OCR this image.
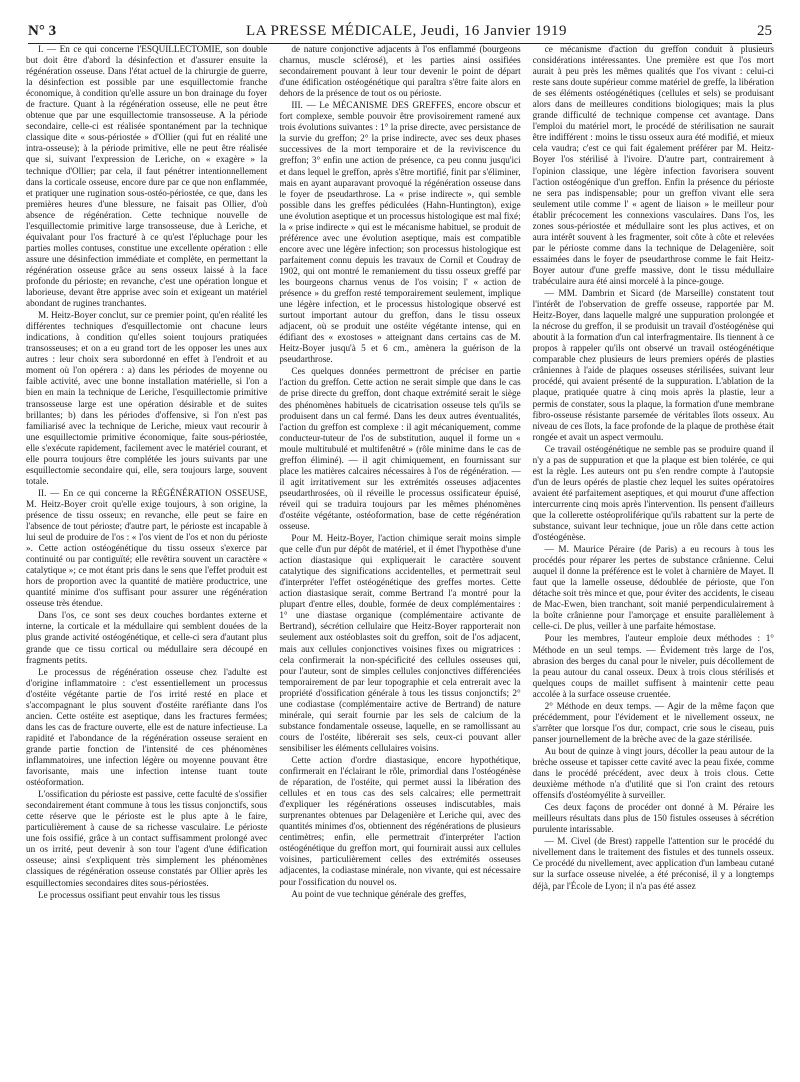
N° 3	LA PRESSE MÉDICALE, Jeudi, 16 Janvier 1919	25

I. — En ce qui concerne l'ESQUILLECTOMIE, son double but doit être d'abord la désinfection et d'assurer ensuite la régénération osseuse. Dans l'état actuel de la chirurgie de guerre, la désinfection est possible par une esquillectomie franche économique, à condition qu'elle assure un bon drainage du foyer de fracture. Quant à la régénération osseuse, elle ne peut être obtenue que par une esquillectomie transosseuse. A la période secondaire, celle-ci est réalisée spontanément par la technique classique dite « sous-périostée » d'Ollier (qui fut en réalité une intra-osseuse); à la période primitive, elle ne peut être réalisée que si, suivant l'expression de Leriche, on « exagère » la technique d'Ollier; par cela, il faut pénétrer intentionnellement dans la corticale osseuse, encore dure par ce que non enflammée, et pratiquer une rugination sous-ostéo-périostée, ce que, dans les premières heures d'une blessure, ne faisait pas Ollier, d'où absence de régénération. Cette technique nouvelle de l'esquillectomie primitive large transosseuse, due à Leriche, et équivalant pour l'os fracturé à ce qu'est l'épluchage pour les parties molles contuses, constitue une excellente opération : elle assure une désinfection immédiate et complète, en permettant la régénération osseuse grâce au sens osseux laissé à la face profonde du périoste; en revanche, c'est une opération longue et laborieuse, devant être apprise avec soin et exigeant un matériel abondant de rugines tranchantes.

M. Heitz-Boyer conclut, sur ce premier point, qu'en réalité les différentes techniques d'esquillectomie ont chacune leurs indications, à condition qu'elles soient toujours pratiquées transosseuses; et on a eu grand tort de les opposer les unes aux autres : leur choix sera subordonné en effet à l'endroit et au moment où l'on opérera : a) dans les périodes de moyenne ou faible activité, avec une bonne installation matérielle, si l'on a bien en main la technique de Leriche, l'esquillectomie primitive transosseuse large est une opération désirable et de suites brillantes; b) dans les périodes d'offensive, si l'on n'est pas familiarisé avec la technique de Leriche, mieux vaut recourir à une esquillectomie primitive économique, faite sous-périostée, elle s'exécute rapidement, facilement avec le matériel courant, et elle pourra toujours être complétée les jours suivants par une esquillectomie secondaire qui, elle, sera toujours large, souvent totale.

II. — En ce qui concerne la RÉGÉNÉRATION OSSEUSE, M. Heitz-Boyer croit qu'elle exige toujours, à son origine, la présence de tissu osseux; en revanche, elle peut se faire en l'absence de tout périoste; d'autre part, le périoste est incapable à lui seul de produire de l'os : « l'os vient de l'os et non du périoste ». Cette action ostéogénétique du tissu osseux s'exerce par continuité ou par contiguïté; elle revêtira souvent un caractère « catalytique »; ce mot étant pris dans le sens que l'effet produit est hors de proportion avec la quantité de matière productrice, une quantité minime d'os suffisant pour assurer une régénération osseuse très étendue.

Dans l'os, ce sont ses deux couches bordantes externe et interne, la corticale et la médullaire qui semblent douées de la plus grande activité ostéogénétique, et celle-ci sera d'autant plus grande que ce tissu cortical ou médullaire sera découpé en fragments petits.

Le processus de régénération osseuse chez l'adulte est d'origine inflammatoire : c'est essentiellement un processus d'ostéite végétante partie de l'os irrité resté en place et s'accompagnant le plus souvent d'ostéite raréfiante dans l'os ancien. Cette ostéite est aseptique, dans les fractures fermées; dans les cas de fracture ouverte, elle est de nature infectieuse. La rapidité et l'abondance de la régénération osseuse seraient en grande partie fonction de l'intensité de ces phénomènes inflammatoires, une infection légère ou moyenne pouvant être favorisante, mais une infection intense tuant toute ostéoformation.

L'ossification du périoste est passive, cette faculté de s'ossifier secondairement étant commune à tous les tissus conjonctifs, sous cette réserve que le périoste est le plus apte à le faire, particulièrement à cause de sa richesse vasculaire. Le périoste une fois ossifié, grâce à un contact suffisamment prolongé avec un os irrité, peut devenir à son tour l'agent d'une édification osseuse; ainsi s'expliquent très simplement les phénomènes classiques de régénération osseuse constatés par Ollier après les esquillectomies secondaires dites sous-périostées.

Le processus ossifiant peut envahir tous les tissus

de nature conjonctive adjacents à l'os enflammé (bourgeons charnus, muscle sclérosé), et les parties ainsi ossifiées secondairement pouvant à leur tour devenir le point de départ d'une édification ostéogénétique qui paraîtra s'être faite alors en dehors de la présence de tout os ou périoste.

III. — Le MÉCANISME DES GREFFES, encore obscur et fort complexe, semble pouvoir être provisoirement ramené aux trois évolutions suivantes : 1° la prise directe, avec persistance de la survie du greffon; 2° la prise indirecte, avec ses deux phases successives de la mort temporaire et de la reviviscence du greffon; 3° enfin une action de présence, ca peu connu jusqu'ici et dans lequel le greffon, après s'être mortifié, finit par s'éliminer, mais en ayant auparavant provoqué la régénération osseuse dans le foyer de pseudarthrose. La « prise indirecte », qui semble possible dans les greffes pédiculées (Hahn-Huntington), exige une évolution aseptique et un processus histologique est mal fixé; la « prise indirecte » qui est le mécanisme habituel, se produit de préférence avec une évolution aseptique, mais est compatible encore avec une légère infection; son processus histologique est parfaitement connu depuis les travaux de Cornil et Coudray de 1902, qui ont montré le remaniement du tissu osseux greffé par les bourgeons charnus venus de l'os voisin; l' « action de présence » du greffon resté temporairement seulement, implique une légère infection, et le processus histologique observé est surtout important autour du greffon, dans le tissu osseux adjacent, où se produit une ostéite végétante intense, qui en édifiant des « exostoses » atteignant dans certains cas de M. Heitz-Boyer jusqu'à 5 et 6 cm., amènera la guérison de la pseudarthrose.

Ces quelques données permettront de préciser en partie l'action du greffon. Cette action ne serait simple que dans le cas de prise directe du greffon, dont chaque extrémité serait le siège des phénomènes habituels de cicatrisation osseuse tels qu'ils se produisent dans un cal fermé. Dans les deux autres éventualités, l'action du greffon est complexe : il agit mécaniquement, comme conducteur-tuteur de l'os de substitution, auquel il forme un « moule multitubulé et multifenêtré » (rôle minime dans le cas de greffon éliminé). — il agit chimiquement, en fournissant sur place les matières calcaires nécessaires à l'os de régénération. — il agit irritativement sur les extrémités osseuses adjacentes pseudarthrosées, où il réveille le processus ossificateur épuisé, réveil qui se traduira toujours par les mêmes phénomènes d'ostéite végétante, ostéoformation, base de cette régénération osseuse.

Pour M. Heitz-Boyer, l'action chimique serait moins simple que celle d'un pur dépôt de matériel, et il émet l'hypothèse d'une action diastasique qui expliquerait le caractère souvent catalytique des significations accidentelles, et permettrait seul d'interpréter l'effet ostéogénétique des greffes mortes. Cette action diastasique serait, comme Bertrand l'a montré pour la plupart d'entre elles, double, formée de deux complémentaires : 1° une diastase organique (complémentaire activante de Bertrand), sécrétion cellulaire que Heitz-Boyer rapporterait non seulement aux ostéoblastes soit du greffon, soit de l'os adjacent, mais aux cellules conjonctives voisines fixes ou migratrices : cela confirmerait la non-spécificité des cellules osseuses qui, pour l'auteur, sont de simples cellules conjonctives différenciées temporairement de par leur topographie et cela entrerait avec la propriété d'ossification générale à tous les tissus conjonctifs; 2° une codiastase (complémentaire active de Bertrand) de nature minérale, qui serait fournie par les sels de calcium de la substance fondamentale osseuse, laquelle, en se ramollissant au cours de l'ostéite, libérerait ses sels, ceux-ci pouvant aller sensibiliser les éléments cellulaires voisins.

Cette action d'ordre diastasique, encore hypothétique, confirmerait en l'éclairant le rôle, primordial dans l'ostéogénèse de réparation, de l'ostéite, qui permet aussi la libération des cellules et en tous cas des sels calcaires; elle permettrait d'expliquer les régénérations osseuses indiscutables, mais surprenantes obtenues par Delagenière et Leriche qui, avec des quantités minimes d'os, obtiennent des régénérations de plusieurs centimètres; enfin, elle permettrait d'interpréter l'action ostéogénétique du greffon mort, qui fournirait aussi aux cellules voisines, particulièrement celles des extrémités osseuses adjacentes, la codiastase minérale, non vivante, qui est nécessaire pour l'ossification du nouvel os.

Au point de vue technique générale des greffes,

ce mécanisme d'action du greffon conduit à plusieurs considérations intéressantes. Une première est que l'os mort aurait à peu près les mêmes qualités que l'os vivant : celui-ci reste sans doute supérieur comme matériel de greffe, la libération de ses éléments ostéogénétiques (cellules et sels) se produisant alors dans de meilleures conditions biologiques; mais la plus grande difficulté de technique compense cet avantage. Dans l'emploi du matériel mort, le procédé de stérilisation ne saurait être indifférent : moins le tissu osseux aura été modifié, et mieux cela vaudra; c'est ce qui fait également préférer par M. Heitz-Boyer l'os stérilisé à l'ivoire. D'autre part, contrairement à l'opinion classique, une légère infection favorisera souvent l'action ostéogénique d'un greffon. Enfin la présence du périoste ne sera pas indispensable; pour un greffon vivant elle sera seulement utile comme l' « agent de liaison » le meilleur pour établir précocement les connexions vasculaires. Dans l'os, les zones sous-périostée et médullaire sont les plus actives, et on aura intérêt souvent à les fragmenter, soit côte à côte et relevées par le périoste comme dans la technique de Delagenière, soit essaimées dans le foyer de pseudarthrose comme le fait Heitz-Boyer autour d'une greffe massive, dont le tissu médullaire trabéculaire aura été ainsi morcelé à la pince-gouge.

— MM. Dambrin et Sicard (de Marseille) constatent tout l'intérêt de l'observation de greffe osseuse, rapportée par M. Heitz-Boyer, dans laquelle malgré une suppuration prolongée et la nécrose du greffon, il se produisit un travail d'ostéogénèse qui aboutit à la formation d'un cal interfragmentaire. Ils tiennent à ce propos à rappeler qu'ils ont observé un travail ostéogénétique comparable chez plusieurs de leurs premiers opérés de plasties crâniennes à l'aide de plaques osseuses stérilisées, suivant leur procédé, qui avaient présenté de la suppuration. L'ablation de la plaque, pratiquée quatre à cinq mois après la plastie, leur a permis de constater, sous la plaque, la formation d'une membrane fibro-osseuse résistante parsemée de véritables îlots osseux. Au niveau de ces îlots, la face profonde de la plaque de prothèse était rongée et avait un aspect vermoulu.

Ce travail ostéogénétique ne semble pas se produire quand il n'y a pas de suppuration et que la plaque est bien tolérée, ce qui est la règle. Les auteurs ont pu s'en rendre compte à l'autopsie d'un de leurs opérés de plastie chez lequel les suites opératoires avaient été parfaitement aseptiques, et qui mourut d'une affection intercurrente cinq mois après l'intervention. Ils pensent d'ailleurs que la collerette ostéoproliférique qu'ils rabattent sur la perte de substance, suivant leur technique, joue un rôle dans cette action d'ostéogénèse.

— M. Maurice Péraire (de Paris) a eu recours à tous les procédés pour réparer les pertes de substance crânienne. Celui auquel il donne la préférence est le volet à charnière de Mayet. Il faut que la lamelle osseuse, dédoublée de périoste, que l'on détache soit très mince et que, pour éviter des accidents, le ciseau de Mac-Ewen, bien tranchant, soit manié perpendiculairement à la boîte crânienne pour l'amorçage et ensuite parallèlement à celle-ci. De plus, veiller à une parfaite hémostase.

Pour les membres, l'auteur emploie deux méthodes : 1° Méthode en un seul temps. — Évidement très large de l'os, abrasion des berges du canal pour le niveler, puis décollement de la peau autour du canal osseux. Deux à trois clous stérilisés et quelques coups de maillet suffisent à maintenir cette peau accolée à la surface osseuse cruentée.

2° Méthode en deux temps. — Agir de la même façon que précédemment, pour l'évidement et le nivellement osseux, ne s'arrêter que lorsque l'os dur, compact, crie sous le ciseau, puis panser journellement de la brèche avec de la gaze stérilisée.

Au bout de quinze à vingt jours, décoller la peau autour de la brèche osseuse et tapisser cette cavité avec la peau fixée, comme dans le procédé précédent, avec deux à trois clous. Cette deuxième méthode n'a d'utilité que si l'on craint des retours offensifs d'ostéomyélite à surveiller.

Ces deux façons de procéder ont donné à M. Péraire les meilleurs résultats dans plus de 150 fistules osseuses à sécrétion purulente intarissable.

— M. Civel (de Brest) rappelle l'attention sur le procédé du nivellement dans le traitement des fistules et des tunnels osseux. Ce procédé du nivellement, avec application d'un lambeau cutané sur la surface osseuse nivelée, a été préconisé, il y a longtemps déjà, par l'École de Lyon; il n'a pas été assez
